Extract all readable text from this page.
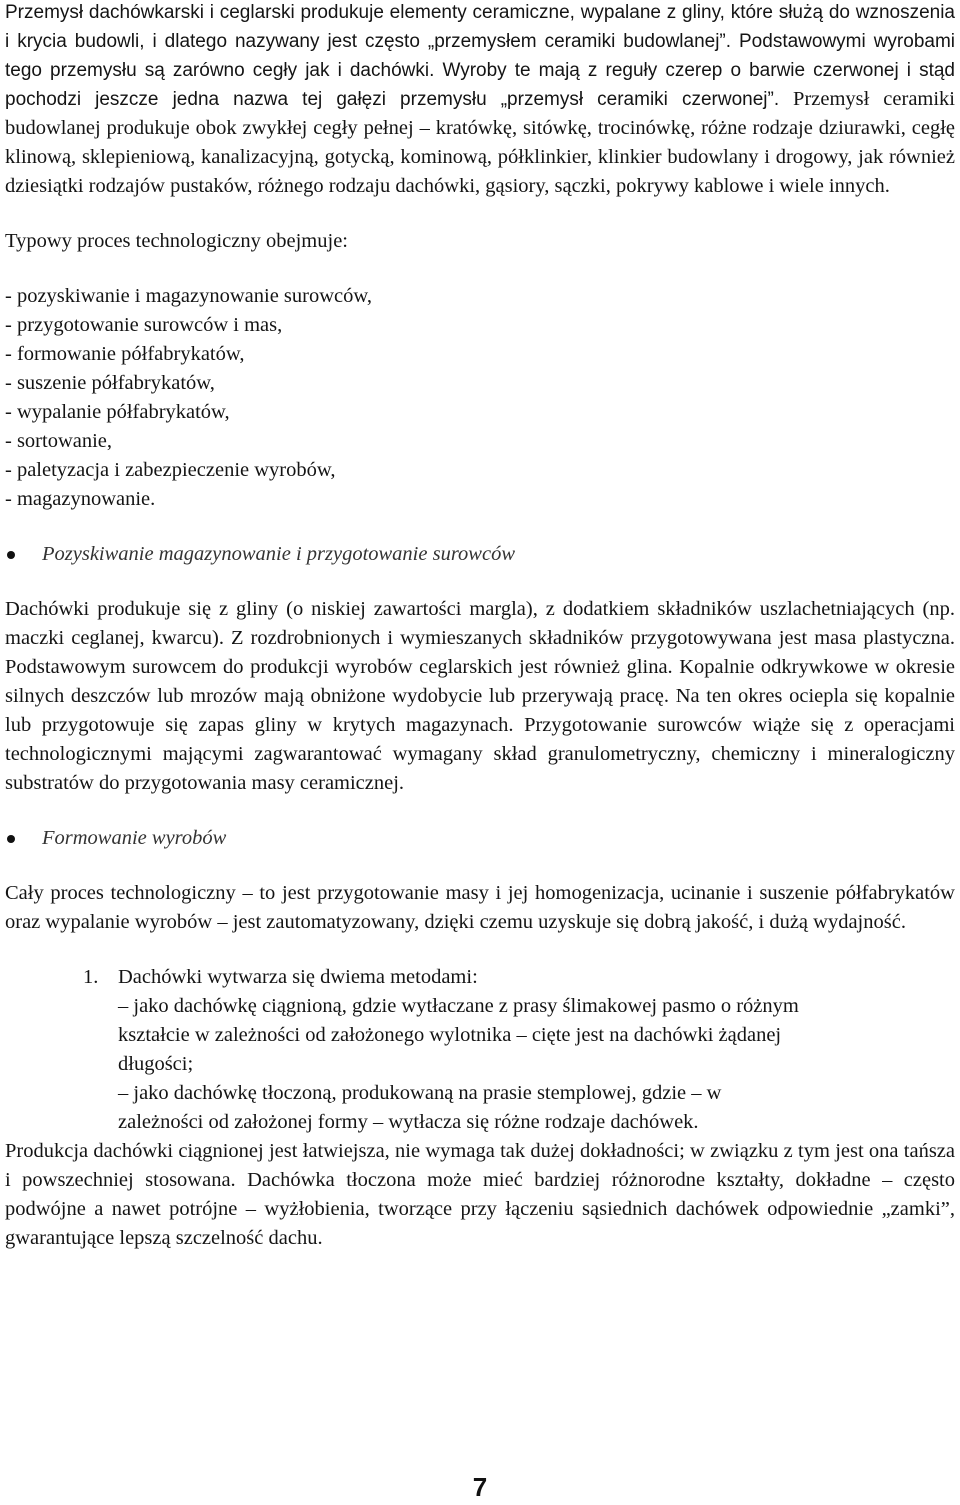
Przemysł dachówkarski i ceglarski produkuje elementy ceramiczne, wypalane z gliny, które służą do wznoszenia i krycia budowli, i dlatego nazywany jest często „przemysłem ceramiki budowlanej”. Podstawowymi wyrobami tego przemysłu są zarówno cegły jak i dachówki. Wyroby te mają z reguły czerep o barwie czerwonej i stąd pochodzi jeszcze jedna nazwa tej gałęzi przemysłu „przemysł ceramiki czerwonej”. Przemysł ceramiki budowlanej produkuje obok zwykłej cegły pełnej – kratówkę, sitówkę, trocinówkę, różne rodzaje dziurawki, cegłę klinową, sklepieniową, kanalizacyjną, gotycką, kominową, półklinkier, klinkier budowlany i drogowy, jak również dziesiątki rodzajów pustaków, różnego rodzaju dachówki, gąsiory, sączki, pokrywy kablowe i wiele innych.

Typowy proces technologiczny obejmuje:

- pozyskiwanie i magazynowanie surowców,
- przygotowanie surowców i mas,
- formowanie półfabrykatów,
- suszenie półfabrykatów,
- wypalanie półfabrykatów,
- sortowanie,
- paletyzacja i zabezpieczenie wyrobów,
- magazynowanie.
Pozyskiwanie magazynowanie i przygotowanie surowców

Dachówki produkuje się z gliny (o niskiej zawartości margla), z dodatkiem składników uszlachetniających (np. maczki ceglanej, kwarcu). Z rozdrobnionych i wymieszanych składników przygotowywana jest masa plastyczna. Podstawowym surowcem do produkcji wyrobów ceglarskich jest również glina. Kopalnie odkrywkowe w okresie silnych deszczów lub mrozów mają obniżone wydobycie lub przerywają pracę. Na ten okres ociepla się kopalnie lub przygotowuje się zapas gliny w krytych magazynach. Przygotowanie surowców wiąże się z operacjami technologicznymi mającymi zagwarantować wymagany skład granulometryczny, chemiczny i mineralogiczny substratów do przygotowania masy ceramicznej.

Formowanie wyrobów

Cały proces technologiczny – to jest przygotowanie masy i jej homogenizacja, ucinanie i suszenie półfabrykatów oraz wypalanie wyrobów – jest zautomatyzowany, dzięki czemu uzyskuje się dobrą jakość, i dużą wydajność.

1. Dachówki wytwarza się dwiema metodami:
– jako dachówkę ciągnioną, gdzie wytłaczane z prasy ślimakowej pasmo o różnym
kształcie w zależności od założonego wylotnika – cięte jest na dachówki żądanej
długości;
– jako dachówkę tłoczoną, produkowaną na prasie stemplowej, gdzie – w
zależności od założonej formy – wytłacza się różne rodzaje dachówek.

Produkcja dachówki ciągnionej jest łatwiejsza, nie wymaga tak dużej dokładności; w związku z tym jest ona tańsza i powszechniej stosowana. Dachówka tłoczona może mieć bardziej różnorodne kształty, dokładne – często podwójne a nawet potrójne – wyżłobienia, tworzące przy łączeniu sąsiednich dachówek odpowiednie „zamki”, gwarantujące lepszą szczelność dachu.

7
